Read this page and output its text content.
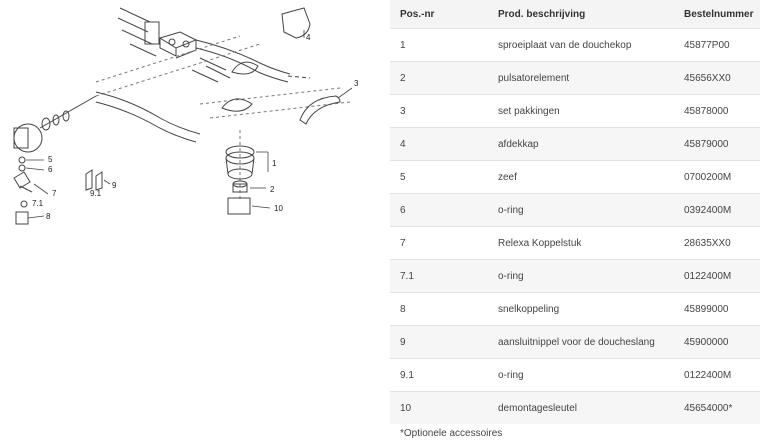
1
2
3
4
5
6
7
7.1
8
9
9.1
10
Pos.-nr	Prod. beschrijving	Bestelnummer
1	sproeiplaat van de douchekop	45877P00
2	pulsatorelement	45656XX0
3	set pakkingen	45878000
4	afdekkap	45879000
5	zeef	0700200M
6	o-ring	0392400M
7	Relexa Koppelstuk	28635XX0
7.1	o-ring	0122400M
8	snelkoppeling	45899000
9	aansluitnippel voor de doucheslang	45900000
9.1	o-ring	0122400M
10	demontagesleutel	45654000*
*Optionele accessoires
